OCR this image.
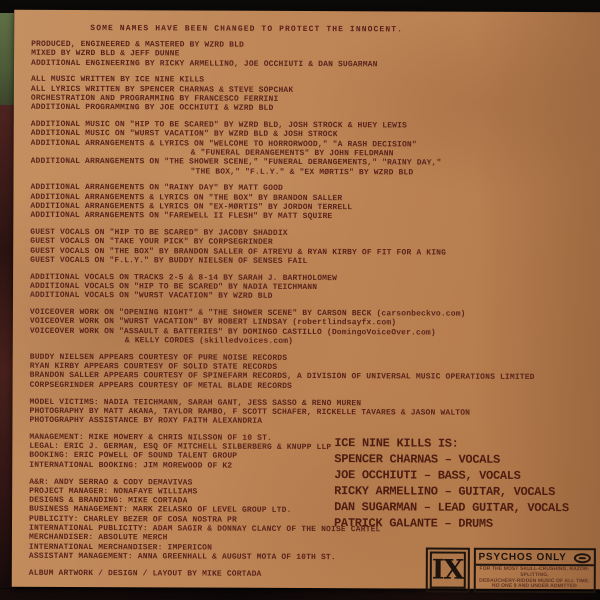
SOME NAMES HAVE BEEN CHANGED TO PROTECT THE INNOCENT.
PRODUCED, ENGINEERED & MASTERED BY WZRD BLD
MIXED BY WZRD BLD & JEFF DUNNE
ADDITIONAL ENGINEERING BY RICKY ARMELLINO, JOE OCCHIUTI & DAN SUGARMAN
ALL MUSIC WRITTEN BY ICE NINE KILLS
ALL LYRICS WRITTEN BY SPENCER CHARNAS & STEVE SOPCHAK
ORCHESTRATION AND PROGRAMMING BY FRANCESCO FERRINI
ADDITIONAL PROGRAMMING BY JOE OCCHIUTI & WZRD BLD
ADDITIONAL MUSIC ON "HIP TO BE SCARED" BY WZRD BLD, JOSH STROCK & HUEY LEWIS
ADDITIONAL MUSIC ON "WURST VACATION" BY WZRD BLD & JOSH STROCK
ADDITIONAL ARRANGEMENTS & LYRICS ON "WELCOME TO HORRORWOOD," "A RASH DECISION"
& "FUNERAL DERANGEMENTS" BY JOHN FELDMANN
ADDITIONAL ARRANGEMENTS ON "THE SHOWER SCENE," "FUNERAL DERANGEMENTS," "RAINY DAY,"
"THE BOX," "F.L.Y." & "EX MØRTIS" BY WZRD BLD
ADDITIONAL ARRANGEMENTS ON "RAINY DAY" BY MATT GOOD
ADDITIONAL ARRANGEMENTS & LYRICS ON "THE BOX" BY BRANDON SALLER
ADDITIONAL ARRANGEMENTS & LYRICS ON "EX-MØRTIS" BY JORDON TERRELL
ADDITIONAL ARRANGEMENTS ON "FAREWELL II FLESH" BY MATT SQUIRE
GUEST VOCALS ON "HIP TO BE SCARED" BY JACOBY SHADDIX
GUEST VOCALS ON "TAKE YOUR PICK" BY CORPSEGRINDER
GUEST VOCALS ON "THE BOX" BY BRANDON SALLER OF ATREYU & RYAN KIRBY OF FIT FOR A KING
GUEST VOCALS ON "F.L.Y." BY BUDDY NIELSEN OF SENSES FAIL
ADDITIONAL VOCALS ON TRACKS 2-5 & 8-14 BY SARAH J. BARTHOLOMEW
ADDITIONAL VOCALS ON "HIP TO BE SCARED" BY NADIA TEICHMANN
ADDITIONAL VOCALS ON "WURST VACATION" BY WZRD BLD
VOICEOVER WORK ON "OPENING NIGHT" & "THE SHOWER SCENE" BY CARSON BECK (carsonbeckvo.com)
VOICEOVER WORK ON "WURST VACATION" BY ROBERT LINDSAY (robertlindsayfx.com)
VOICEOVER WORK ON "ASSAULT & BATTERIES" BY DOMINGO CASTILLO (DomingoVoiceOver.com)
& KELLY CORDES (skilledvoices.com)
BUDDY NIELSEN APPEARS COURTESY OF PURE NOISE RECORDS
RYAN KIRBY APPEARS COURTESY OF SOLID STATE RECORDS
BRANDON SALLER APPEARS COURTESY OF SPINEFARM RECORDS, A DIVISION OF UNIVERSAL MUSIC OPERATIONS LIMITED
CORPSEGRINDER APPEARS COURTESY OF METAL BLADE RECORDS
MODEL VICTIMS: NADIA TEICHMANN, SARAH GANT, JESS SASSO & RENO MUREN
PHOTOGRAPHY BY MATT AKANA, TAYLOR RAMBO, F SCOTT SCHAFER, RICKELLE TAVARES & JASON WALTON
PHOTOGRAPHY ASSISTANCE BY ROXY FAITH ALEXANDRIA
MANAGEMENT: MIKE MOWERY & CHRIS NILSSON OF 10 ST.
LEGAL: ERIC J. GERMAN, ESQ OF MITCHELL SILBERBERG & KNUPP LLP
BOOKING: ERIC POWELL OF SOUND TALENT GROUP
INTERNATIONAL BOOKING: JIM MOREWOOD OF K2
A&R: ANDY SERRAO & CODY DEMAVIVAS
PROJECT MANAGER: NONAFAYE WILLIAMS
DESIGNS & BRANDING: MIKE CORTADA
BUSINESS MANAGEMENT: MARK ZELASKO OF LEVEL GROUP LTD.
PUBLICITY: CHARLEY BEZER OF COSA NOSTRA PR
INTERNATIONAL PUBLICITY: ADAM SAGIR & DONNAY CLANCY OF THE NOISE CARTEL
MERCHANDISER: ABSOLUTE MERCH
INTERNATIONAL MERCHANDISER: IMPERICON
ASSISTANT MANAGEMENT: ANNA GREENHALL & AUGUST MOTA OF 10TH ST.
ALBUM ARTWORK / DESIGN / LAYOUT BY MIKE CORTADA
ICE NINE KILLS IS:
SPENCER CHARNAS – VOCALS
JOE OCCHIUTI – BASS, VOCALS
RICKY ARMELLINO – GUITAR, VOCALS
DAN SUGARMAN – LEAD GUITAR, VOCALS
PATRICK GALANTE – DRUMS
IX PSYCHOS ONLY
FOR THE MOST SKULL-CRUSHING, RAZOR-SPLITTING,
DEBAUCHERY-RIDDEN MUSIC OF ALL TIME.
NO ONE 9 AND UNDER ADMITTED
